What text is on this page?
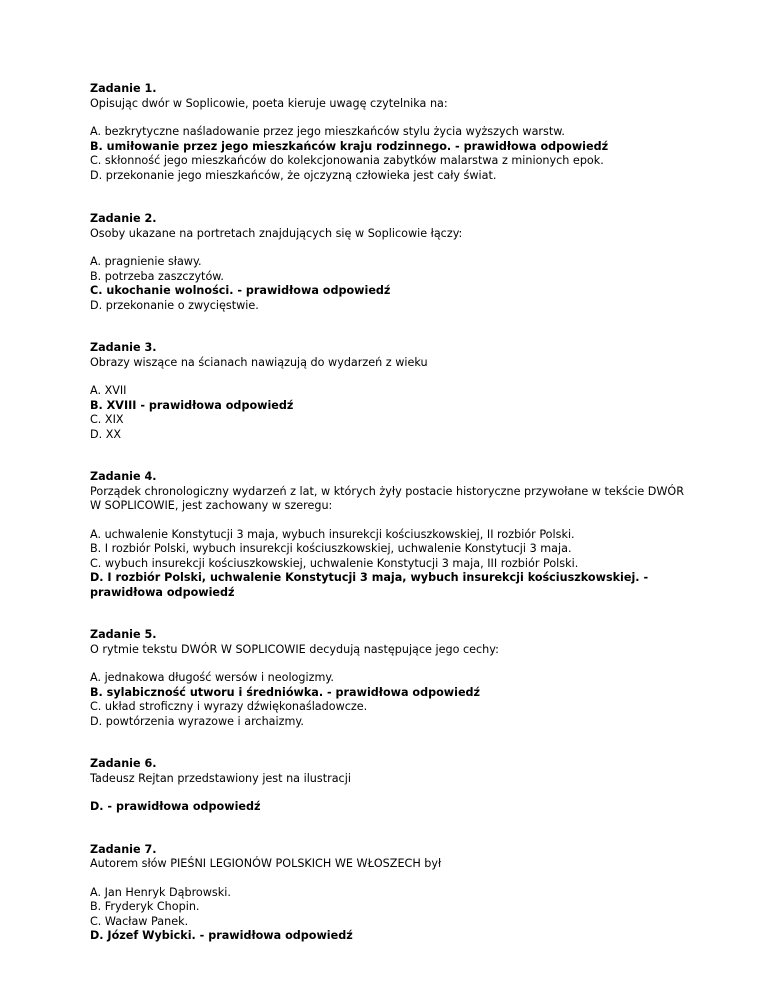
Zadanie 1.
Opisując dwór w Soplicowie, poeta kieruje uwagę czytelnika na:
A. bezkrytyczne naśladowanie przez jego mieszkańców stylu życia wyższych warstw.
B. umiłowanie przez jego mieszkańców kraju rodzinnego. - prawidłowa odpowiedź
C. skłonność jego mieszkańców do kolekcjonowania zabytków malarstwa z minionych epok.
D. przekonanie jego mieszkańców, że ojczyzną człowieka jest cały świat.
Zadanie 2.
Osoby ukazane na portretach znajdujących się w Soplicowie łączy:
A. pragnienie sławy.
B. potrzeba zaszczytów.
C. ukochanie wolności. - prawidłowa odpowiedź
D. przekonanie o zwycięstwie.
Zadanie 3.
Obrazy wiszące na ścianach nawiązują do wydarzeń z wieku
A. XVII
B. XVIII - prawidłowa odpowiedź
C. XIX
D. XX
Zadanie 4.
Porządek chronologiczny wydarzeń z lat, w których żyły postacie historyczne przywołane w tekście DWÓR W SOPLICOWIE, jest zachowany w szeregu:
A. uchwalenie Konstytucji 3 maja, wybuch insurekcji kościuszkowskiej, II rozbiór Polski.
B. I rozbiór Polski, wybuch insurekcji kościuszkowskiej, uchwalenie Konstytucji 3 maja.
C. wybuch insurekcji kościuszkowskiej, uchwalenie Konstytucji 3 maja, III rozbiór Polski.
D. I rozbiór Polski, uchwalenie Konstytucji 3 maja, wybuch insurekcji kościuszkowskiej. - prawidłowa odpowiedź
Zadanie 5.
O rytmie tekstu DWÓR W SOPLICOWIE decydują następujące jego cechy:
A. jednakowa długość wersów i neologizmy.
B. sylabiczność utworu i średniówka. - prawidłowa odpowiedź
C. układ stroficzny i wyrazy dźwiękonaśladowcze.
D. powtórzenia wyrazowe i archaizmy.
Zadanie 6.
Tadeusz Rejtan przedstawiony jest na ilustracji
D. - prawidłowa odpowiedź
Zadanie 7.
Autorem słów PIEŚNI LEGIONÓW POLSKICH WE WŁOSZECH był
A. Jan Henryk Dąbrowski.
B. Fryderyk Chopin.
C. Wacław Panek.
D. Józef Wybicki. - prawidłowa odpowiedź
